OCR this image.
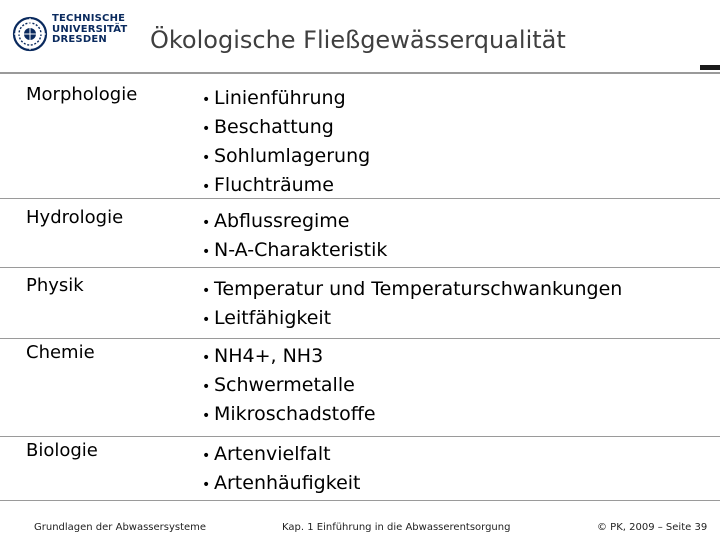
TECHNISCHE
UNIVERSITÄT
DRESDEN	Ökologische Fließgewässerqualität
Morphologie	• Linienführung
• Beschattung
• Sohlumlagerung
• Fluchträume
Hydrologie	• Abflussregime
• N-A-Charakteristik
Physik	• Temperatur und Temperaturschwankungen
• Leitfähigkeit
Chemie	• NH4+, NH3
• Schwermetalle
• Mikroschadstoffe
Biologie	• Artenvielfalt
• Artenhäufigkeit
Grundlagen der Abwassersysteme	Kap. 1 Einführung in die Abwasserentsorgung	© PK, 2009 – Seite 39
